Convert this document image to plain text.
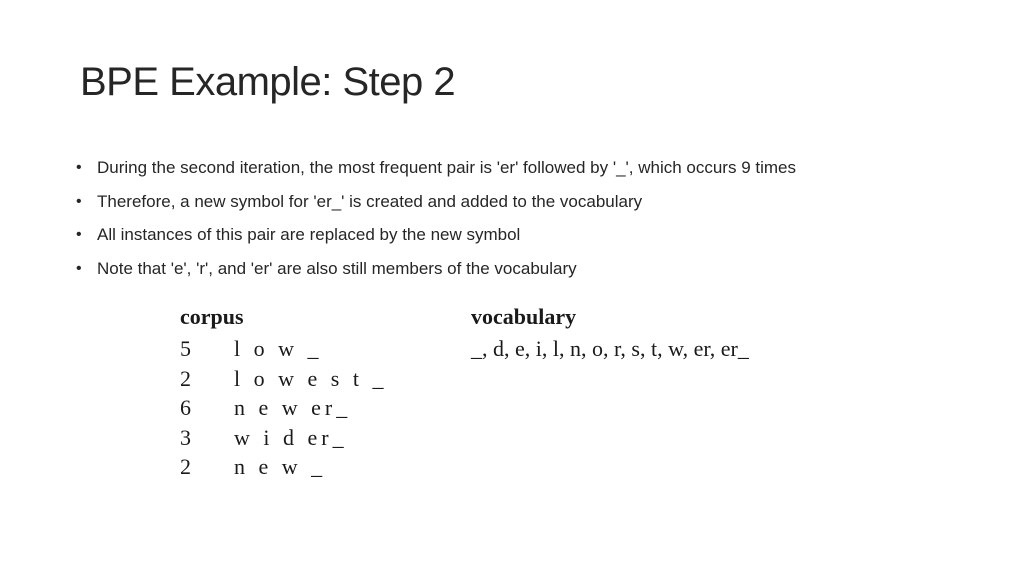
BPE Example: Step 2
• During the second iteration, the most frequent pair is 'er' followed by '_', which occurs 9 times
• Therefore, a new symbol for 'er_' is created and added to the vocabulary
• All instances of this pair are replaced by the new symbol
• Note that 'e', 'r', and 'er' are also still members of the vocabulary
corpus	vocabulary
5 l o w _
2 l o w e s t _
6 n e w er_
3 w i d er_
2 n e w _
_, d, e, i, l, n, o, r, s, t, w, er, er_
